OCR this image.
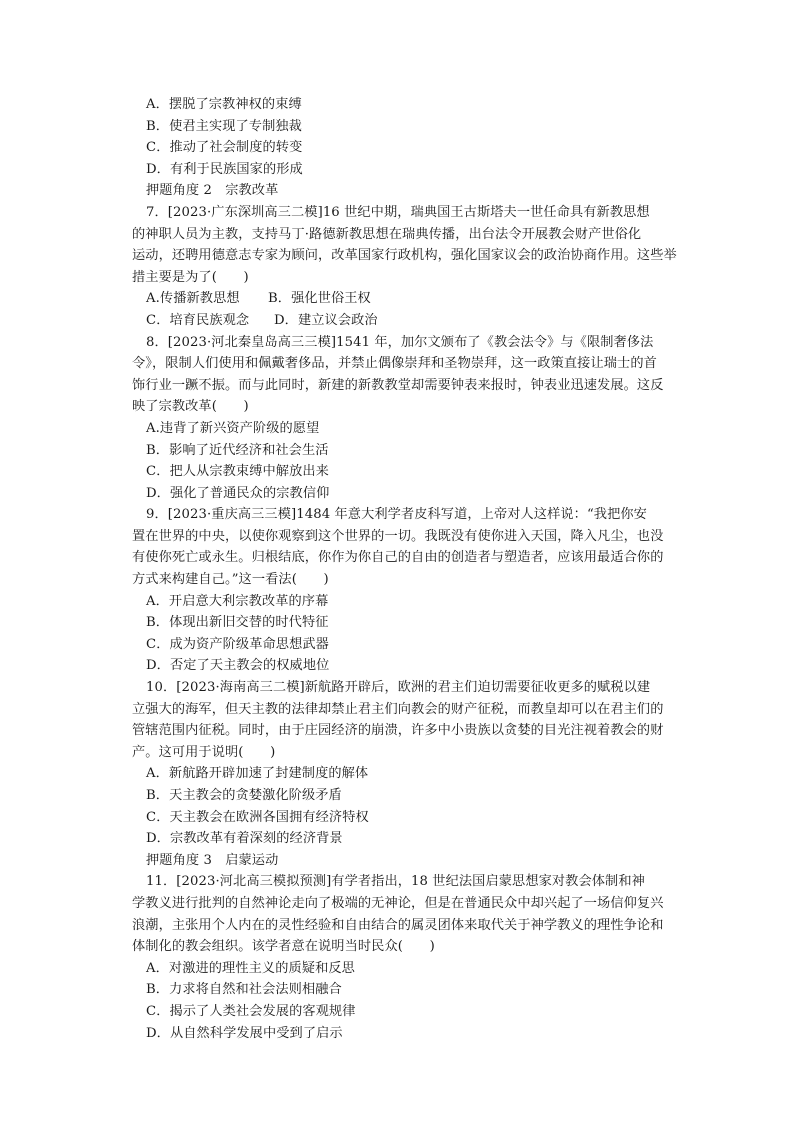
A．摆脱了宗教神权的束缚
B．使君主实现了专制独裁
C．推动了社会制度的转变
D．有利于民族国家的形成
押题角度 2　宗教改革
7．[2023·广东深圳高三二模]16 世纪中期，瑞典国王古斯塔夫一世任命具有新教思想
的神职人员为主教，支持马丁·路德新教思想在瑞典传播，出台法令开展教会财产世俗化
运动，还聘用德意志专家为顾问，改革国家行政机构，强化国家议会的政治协商作用。这些举
措主要是为了(　　)
A.传播新教思想 B．强化世俗王权
C．培育民族观念 D．建立议会政治
8．[2023·河北秦皇岛高三三模]1541 年，加尔文颁布了《教会法令》与《限制奢侈法
令》，限制人们使用和佩戴奢侈品，并禁止偶像崇拜和圣物崇拜，这一政策直接让瑞士的首
饰行业一蹶不振。而与此同时，新建的新教教堂却需要钟表来报时，钟表业迅速发展。这反
映了宗教改革(　　)
A.违背了新兴资产阶级的愿望
B．影响了近代经济和社会生活
C．把人从宗教束缚中解放出来
D．强化了普通民众的宗教信仰
9．[2023·重庆高三三模]1484 年意大利学者皮科写道，上帝对人这样说：“我把你安
置在世界的中央，以使你观察到这个世界的一切。我既没有使你进入天国，降入凡尘，也没
有使你死亡或永生。归根结底，你作为你自己的自由的创造者与塑造者，应该用最适合你的
方式来构建自己。”这一看法(　　)
A．开启意大利宗教改革的序幕
B．体现出新旧交替的时代特征
C．成为资产阶级革命思想武器
D．否定了天主教会的权威地位
10．[2023·海南高三二模]新航路开辟后，欧洲的君主们迫切需要征收更多的赋税以建
立强大的海军，但天主教的法律却禁止君主们向教会的财产征税，而教皇却可以在君主们的
管辖范围内征税。同时，由于庄园经济的崩溃，许多中小贵族以贪婪的目光注视着教会的财
产。这可用于说明(　　)
A．新航路开辟加速了封建制度的解体
B．天主教会的贪婪激化阶级矛盾
C．天主教会在欧洲各国拥有经济特权
D．宗教改革有着深刻的经济背景
押题角度 3　启蒙运动
11．[2023·河北高三模拟预测]有学者指出，18 世纪法国启蒙思想家对教会体制和神
学教义进行批判的自然神论走向了极端的无神论，但是在普通民众中却兴起了一场信仰复兴
浪潮，主张用个人内在的灵性经验和自由结合的属灵团体来取代关于神学教义的理性争论和
体制化的教会组织。该学者意在说明当时民众(　　)
A．对激进的理性主义的质疑和反思
B．力求将自然和社会法则相融合
C．揭示了人类社会发展的客观规律
D．从自然科学发展中受到了启示
